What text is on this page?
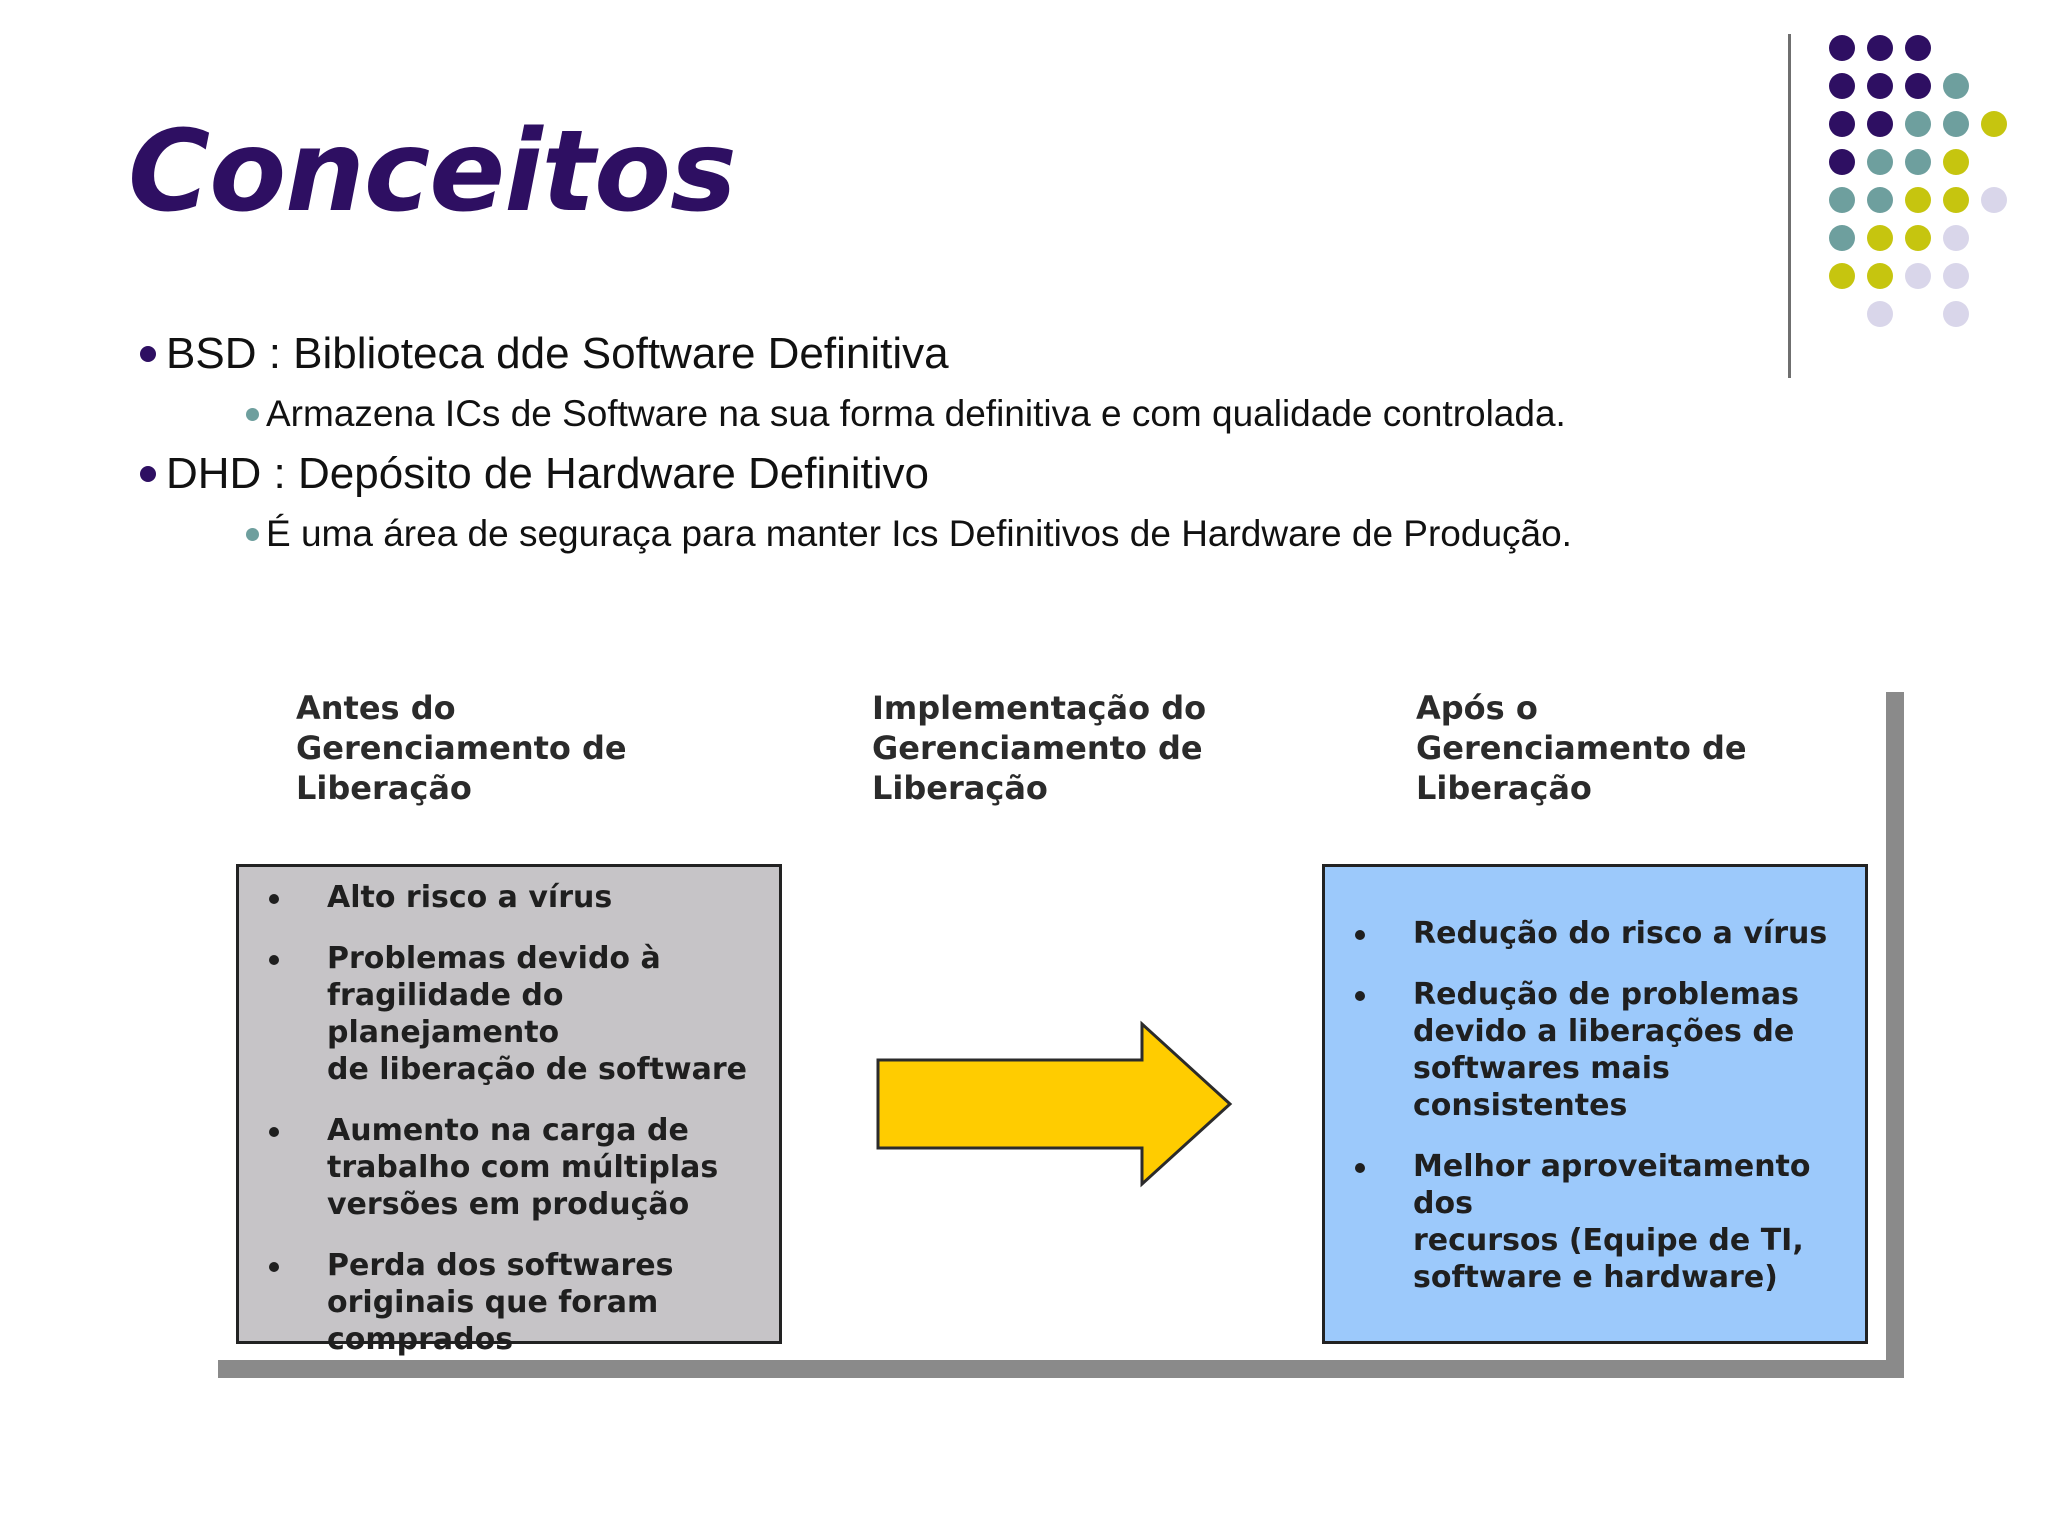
Conceitos
BSD : Biblioteca dde Software Definitiva
Armazena ICs de Software na sua forma definitiva e com qualidade controlada.
DHD : Depósito de Hardware Definitivo
É uma área de seguraça para manter Ics Definitivos de Hardware de Produção.
Antes do
Gerenciamento de
Liberação
Implementação do
Gerenciamento de
Liberação
Após o
Gerenciamento de
Liberação
Alto risco a vírus
Problemas devido à
fragilidade do planejamento
de liberação de software
Aumento na carga de
trabalho com múltiplas
versões em produção
Perda dos softwares
originais que foram
comprados
Redução do risco a vírus
Redução de problemas
devido a liberações de
softwares mais
consistentes
Melhor aproveitamento dos
recursos (Equipe de TI,
software e hardware)
